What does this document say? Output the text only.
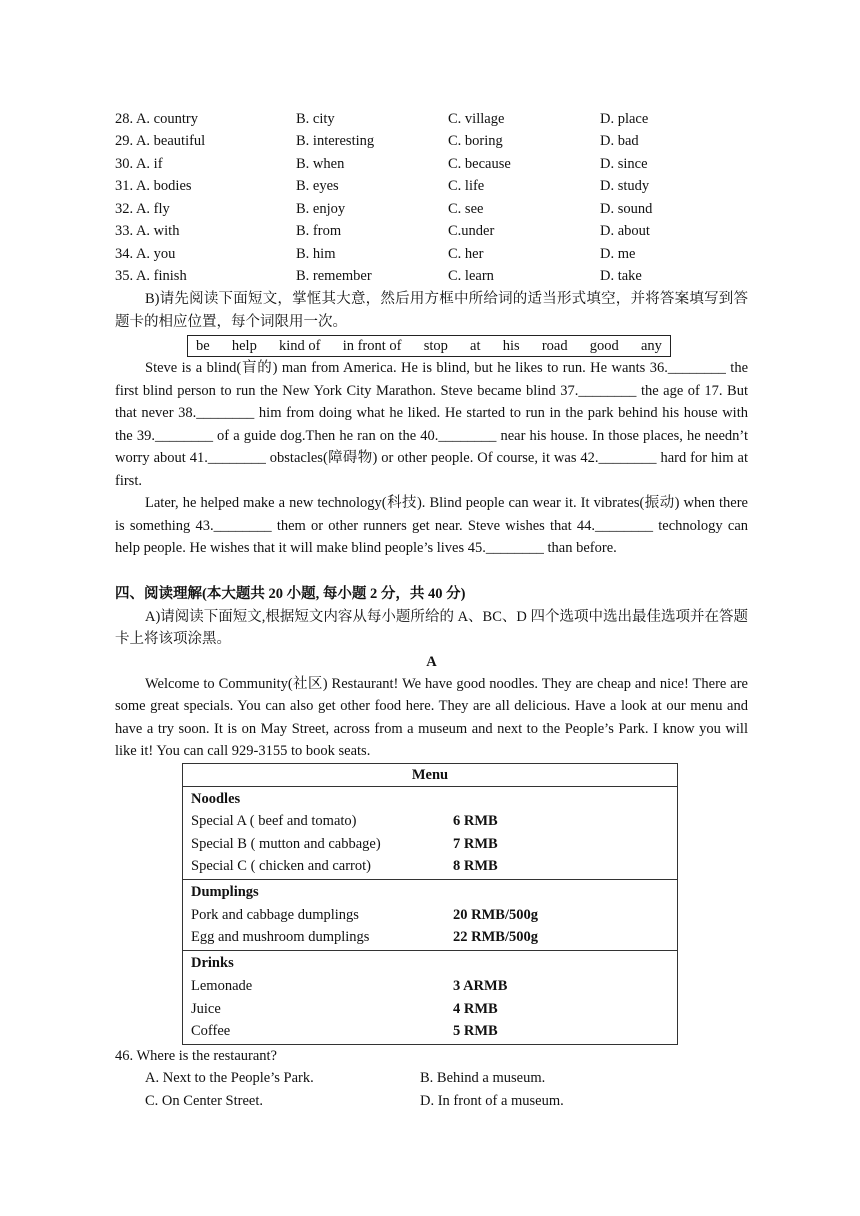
28. A. country	B. city	C. village	D. place
29. A. beautiful	B. interesting	C. boring	D. bad
30. A. if	B. when	C. because	D. since
31. A. bodies	B. eyes	C. life	D. study
32. A. fly	B. enjoy	C. see	D. sound
33. A. with	B. from	C.under	D. about
34. A. you	B. him	C. her	D. me
35. A. finish	B. remember	C. learn	D. take

B)请先阅读下面短文，掌恇其大意，然后用方框中所给词的适当形式填空，并将答案填写到答题卡的相应位置，每个词限用一次。

be help kind of in front of stop at his road good any

Steve is a blind(盲的) man from America. He is blind, but he likes to run. He wants 36.________ the first blind person to run the New York City Marathon. Steve became blind 37.________ the age of 17. But that never 38.________ him from doing what he liked. He started to run in the park behind his house with the 39.________ of a guide dog.Then he ran on the 40.________ near his house. In those places, he needn’t worry about 41.________ obstacles(障碍物) or other people. Of course, it was 42.________ hard for him at first.

Later, he helped make a new technology(科技). Blind people can wear it. It vibrates(振动) when there is something 43.________ them or other runners get near. Steve wishes that 44.________ technology can help people. He wishes that it will make blind people’s lives 45.________ than before.

四、阅读理解(本大题共 20 小题, 每小题 2 分，共 40 分)

A)请阅读下面短文,根据短文内容从每小题所给的 A、BC、D 四个选项中选出最佳选项并在答题卡上将该项涂黑。

A

Welcome to Community(社区) Restaurant! We have good noodles. They are cheap and nice! There are some great specials. You can also get other food here. They are all delicious. Have a look at our menu and have a try soon. It is on May Street, across from a museum and next to the People’s Park. I know you will like it! You can call 929-3155 to book seats.

Menu
Noodles
Special A ( beef and tomato)	6 RMB
Special B ( mutton and cabbage)	7 RMB
Special C ( chicken and carrot)	8 RMB
Dumplings
Pork and cabbage dumplings	20 RMB/500g
Egg and mushroom dumplings	22 RMB/500g
Drinks
Lemonade	3 ARMB
Juice	4 RMB
Coffee	5 RMB
46. Where is the restaurant?
A. Next to the People’s Park.	B. Behind a museum.
C. On Center Street.	D. In front of a museum.
